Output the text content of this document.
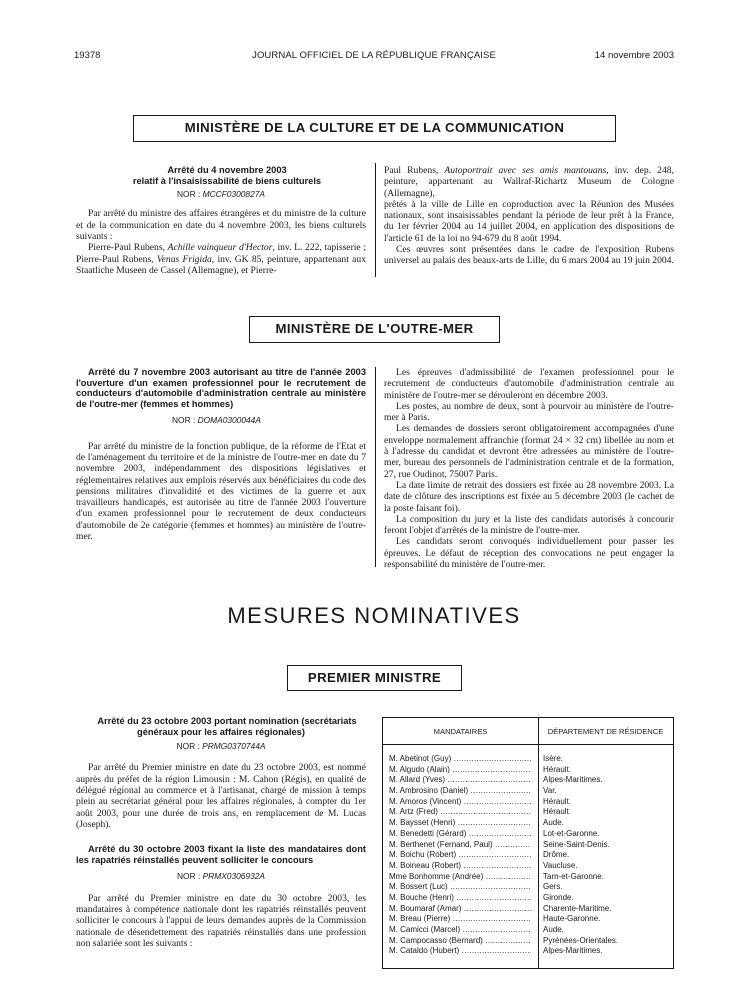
19378	JOURNAL OFFICIEL DE LA RÉPUBLIQUE FRANÇAISE	14 novembre 2003
MINISTÈRE DE LA CULTURE ET DE LA COMMUNICATION

Arrêté du 4 novembre 2003

relatif à l'insaisissabilité de biens culturels

NOR : MCCF0300827A

Par arrêté du ministre des affaires étrangères et du ministre de la culture et de la communication en date du 4 novembre 2003, les biens culturels suivants :

Pierre-Paul Rubens, Achille vainqueur d'Hector, inv. L. 222, tapisserie ; Pierre-Paul Rubens, Venus Frigida, inv. GK 85, peinture, appartenant aux Staatliche Museen de Cassel (Allemagne), et Pierre-

Paul Rubens, Autoportrait avec ses amis mantouans, inv. dep. 248, peinture, appartenant au Wallraf-Richartz Museum de Cologne (Allemagne),

prêtés à la ville de Lille en coproduction avec la Réunion des Musées nationaux, sont insaisissables pendant la période de leur prêt à la France, du 1er février 2004 au 14 juillet 2004, en application des dispositions de l'article 61 de la loi no 94-679 du 8 août 1994.

Ces œuvres sont présentées dans le cadre de l'exposition Rubens universel au palais des beaux-arts de Lille, du 6 mars 2004 au 19 juin 2004.

MINISTÈRE DE L'OUTRE-MER

Arrêté du 7 novembre 2003 autorisant au titre de l'année 2003 l'ouverture d'un examen professionnel pour le recrutement de conducteurs d'automobile d'administration centrale au ministère de l'outre-mer (femmes et hommes)

NOR : DOMA0300044A

Par arrêté du ministre de la fonction publique, de la réforme de l'Etat et de l'aménagement du territoire et de la ministre de l'outre-mer en date du 7 novembre 2003, indépendamment des dispositions législatives et réglementaires relatives aux emplois réservés aux bénéficiaires du code des pensions militaires d'invalidité et des victimes de la guerre et aux travailleurs handicapés, est autorisée au titre de l'année 2003 l'ouverture d'un examen professionnel pour le recrutement de deux conducteurs d'automobile de 2e catégorie (femmes et hommes) au ministère de l'outre-mer.

Les épreuves d'admissibilité de l'examen professionnel pour le recrutement de conducteurs d'automobile d'administration centrale au ministère de l'outre-mer se dérouleront en décembre 2003.

Les postes, au nombre de deux, sont à pourvoir au ministère de l'outre-mer à Paris.

Les demandes de dossiers seront obligatoirement accompagnées d'une enveloppe normalement affranchie (format 24 × 32 cm) libellée au nom et à l'adresse du candidat et devront être adressées au ministère de l'outre-mer, bureau des personnels de l'administration centrale et de la formation, 27, rue Oudinot, 75007 Paris.

La date limite de retrait des dossiers est fixée au 28 novembre 2003. La date de clôture des inscriptions est fixée au 5 décembre 2003 (le cachet de la poste faisant foi).

La composition du jury et la liste des candidats autorisés à concourir feront l'objet d'arrêtés de la ministre de l'outre-mer.

Les candidats seront convoqués individuellement pour passer les épreuves. Le défaut de réception des convocations ne peut engager la responsabilité du ministère de l'outre-mer.

MESURES NOMINATIVES
PREMIER MINISTRE

Arrêté du 23 octobre 2003 portant nomination (secrétariats généraux pour les affaires régionales)

NOR : PRMG0370744A

Par arrêté du Premier ministre en date du 23 octobre 2003, est nommé auprès du préfet de la région Limousin : M. Cahon (Régis), en qualité de délégué régional au commerce et à l'artisanat, chargé de mission à temps plein au secrétariat général pour les affaires régionales, à compter du 1er août 2003, pour une durée de trois ans, en remplacement de M. Lucas (Joseph).

Arrêté du 30 octobre 2003 fixant la liste des mandataires dont les rapatriés réinstallés peuvent solliciter le concours

NOR : PRMX0306932A

Par arrêté du Premier ministre en date du 30 octobre 2003, les mandataires à compétence nationale dont les rapatriés réinstallés peuvent solliciter le concours à l'appui de leurs demandes auprès de la Commission nationale de désendettement des rapatriés réinstallés dans une profession non salariée sont les suivants :

MANDATAIRES	DÉPARTEMENT DE RÉSIDENCE
M. Abetinot (Guy) .....	Isère.
M. Algudo (Alain) .....	Hérault.
M. Allard (Yves) .....	Alpes-Maritimes.
M. Ambrosino (Daniel) .....	Var.
M. Amoros (Vincent) .....	Hérault.
M. Artz (Fred) .....	Hérault.
M. Baysset (Henri) .....	Aude.
M. Benedetti (Gérard) .....	Lot-et-Garonne.
M. Berthenet (Fernand, Paul) .....	Seine-Saint-Denis.
M. Boichu (Robert) .....	Drôme.
M. Boineau (Robert) .....	Vaucluse.
Mme Bonhomme (Andrée) .....	Tarn-et-Garonne.
M. Bossert (Luc) .....	Gers.
M. Bouche (Henri) .....	Gironde.
M. Boumaraf (Amar) .....	Charente-Maritime.
M. Breau (Pierre) .....	Haute-Garonne.
M. Camicci (Marcel) .....	Aude.
M. Campocasso (Bernard) .....	Pyrénées-Orientales.
M. Cataldo (Hubert) .....	Alpes-Maritimes.
